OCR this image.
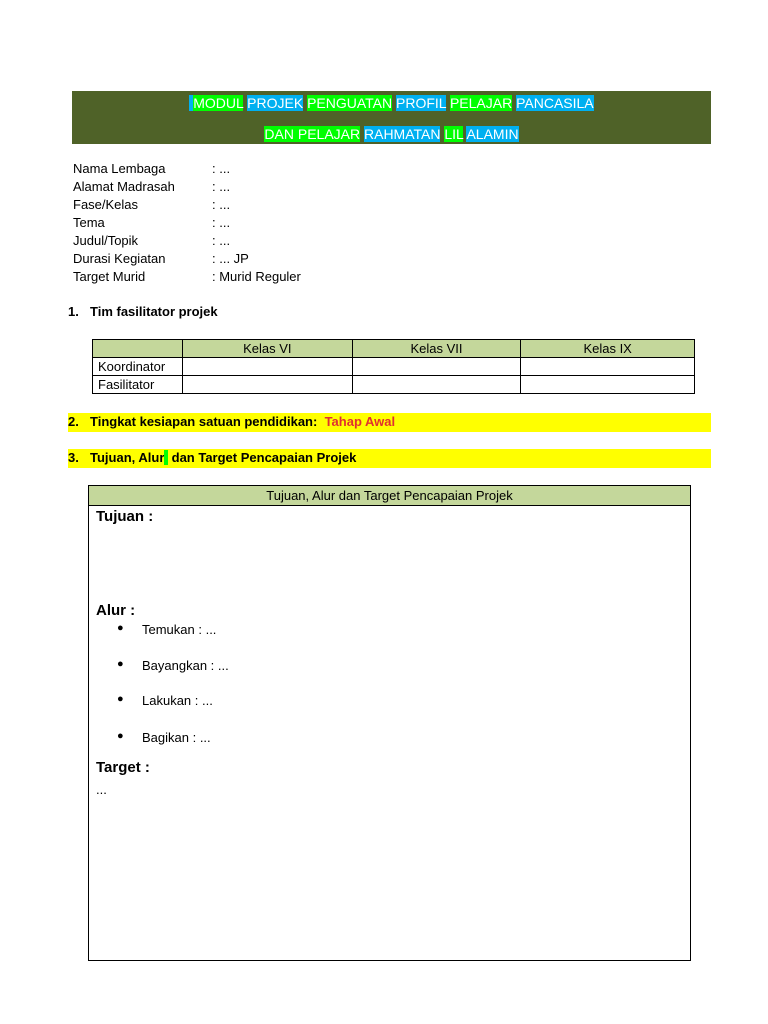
MODUL PROJEK PENGUATAN PROFIL PELAJAR PANCASILA
DAN PELAJAR RAHMATAN LIL ALAMIN
Nama Lembaga	: ...
Alamat Madrasah	: ...
Fase/Kelas	: ...
Tema	: ...
Judul/Topik	: ...
Durasi Kegiatan	: ... JP
Target Murid	: Murid Reguler
1. Tim fasilitator projek
	Kelas VI	Kelas VII	Kelas IX
Koordinator			
Fasilitator			
2. Tingkat kesiapan satuan pendidikan: Tahap Awal
3. Tujuan, Alur  dan Target Pencapaian Projek
Tujuan, Alur dan Target Pencapaian Projek
Tujuan :
Alur :
● Temukan : ...
● Bayangkan : ...
● Lakukan : ...
● Bagikan : ...
Target :
...
